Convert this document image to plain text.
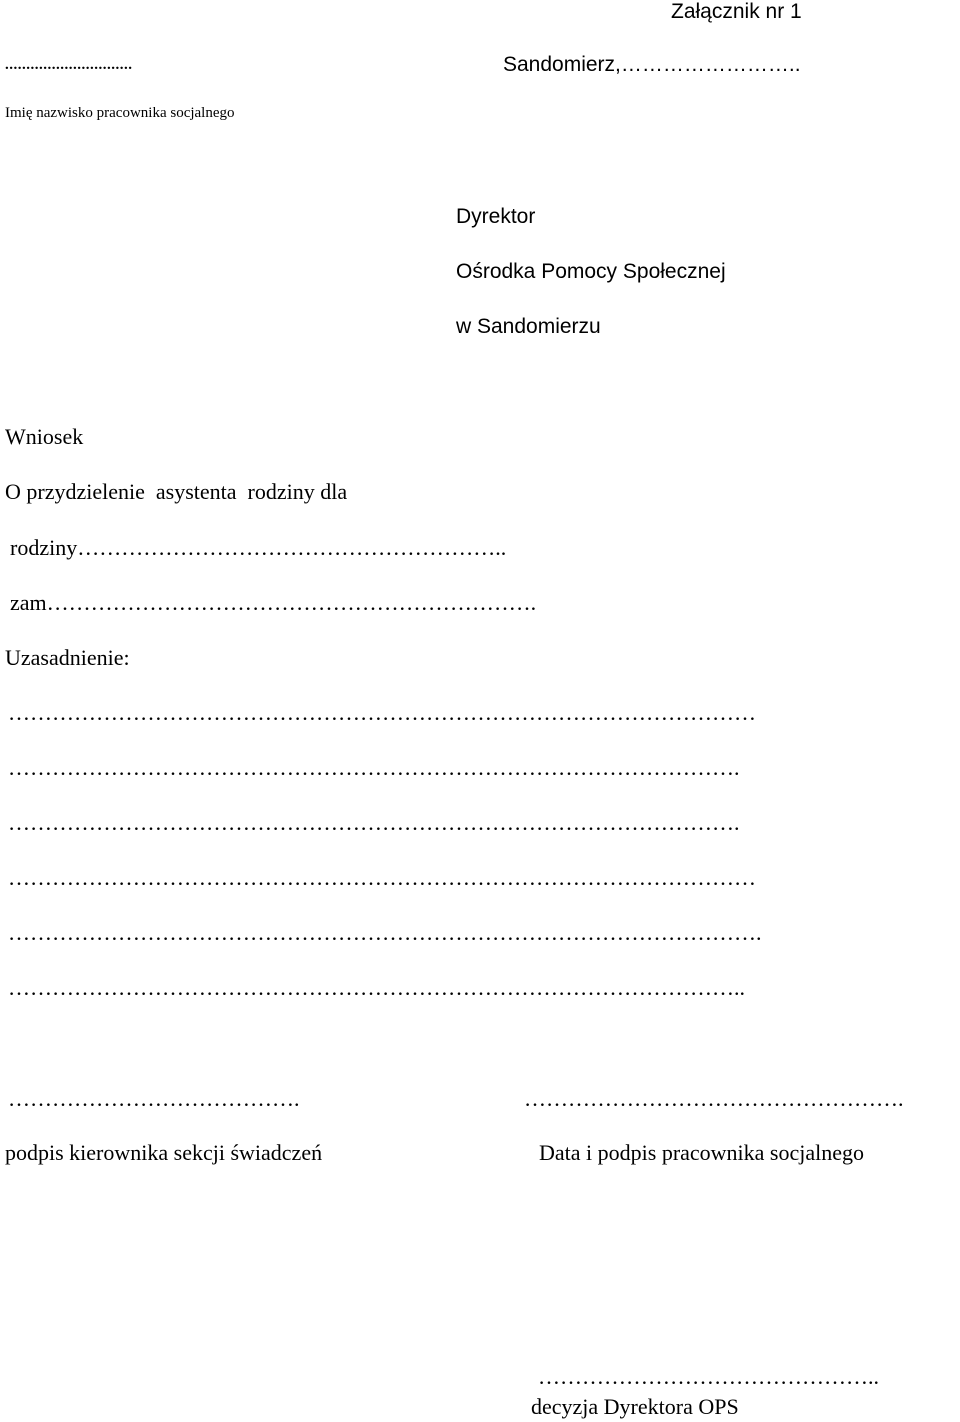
Załącznik nr 1
..............................	Sandomierz,……………………..
Imię nazwisko pracownika socjalnego
Dyrektor
Ośrodka Pomocy Społecznej
w Sandomierzu
Wniosek
O przydzielenie  asystenta  rodziny dla
rodziny…………………………………………………..
zam………………………………………………………….
Uzasadnienie:
…………………………………………………………………………………………
……………………………………………………………………………………….
……………………………………………………………………………………….
…………………………………………………………………………………………
………………………………………………………………………………………….
………………………………………………………………………………………..
………………………………….	…………………………………………….
podpis kierownika sekcji świadczeń	Data i podpis pracownika socjalnego
………………………………………..
decyzja Dyrektora OPS
